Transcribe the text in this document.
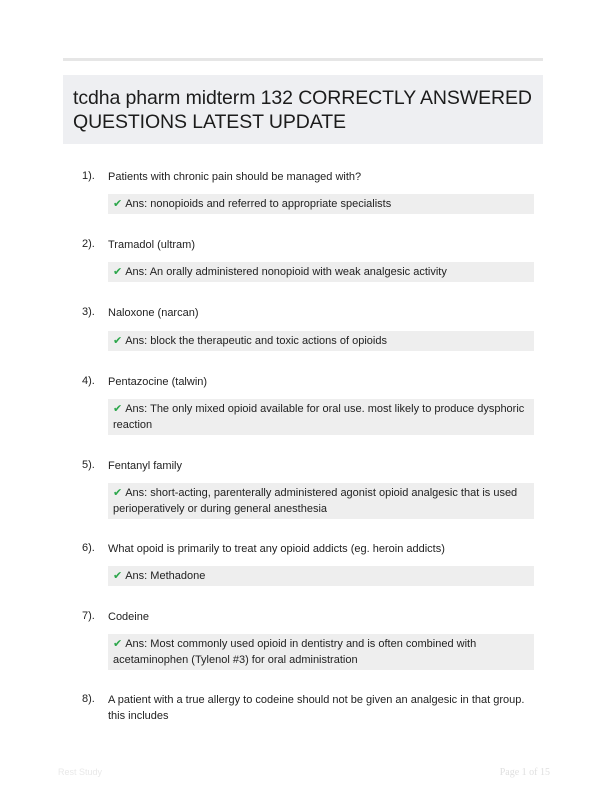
tcdha pharm midterm 132 CORRECTLY ANSWERED QUESTIONS LATEST UPDATE
1). Patients with chronic pain should be managed with?
✔ Ans: nonopioids and referred to appropriate specialists
2). Tramadol (ultram)
✔ Ans: An orally administered nonopioid with weak analgesic activity
3). Naloxone (narcan)
✔ Ans: block the therapeutic and toxic actions of opioids
4). Pentazocine (talwin)
✔ Ans: The only mixed opioid available for oral use. most likely to produce dysphoric reaction
5). Fentanyl family
✔ Ans: short-acting, parenterally administered agonist opioid analgesic that is used perioperatively or during general anesthesia
6). What opoid is primarily to treat any opioid addicts (eg. heroin addicts)
✔ Ans: Methadone
7). Codeine
✔ Ans: Most commonly used opioid in dentistry and is often combined with acetaminophen (Tylenol #3) for oral administration
8). A patient with a true allergy to codeine should not be given an analgesic in that group. this includes
Rest Study	Page 1 of 15
